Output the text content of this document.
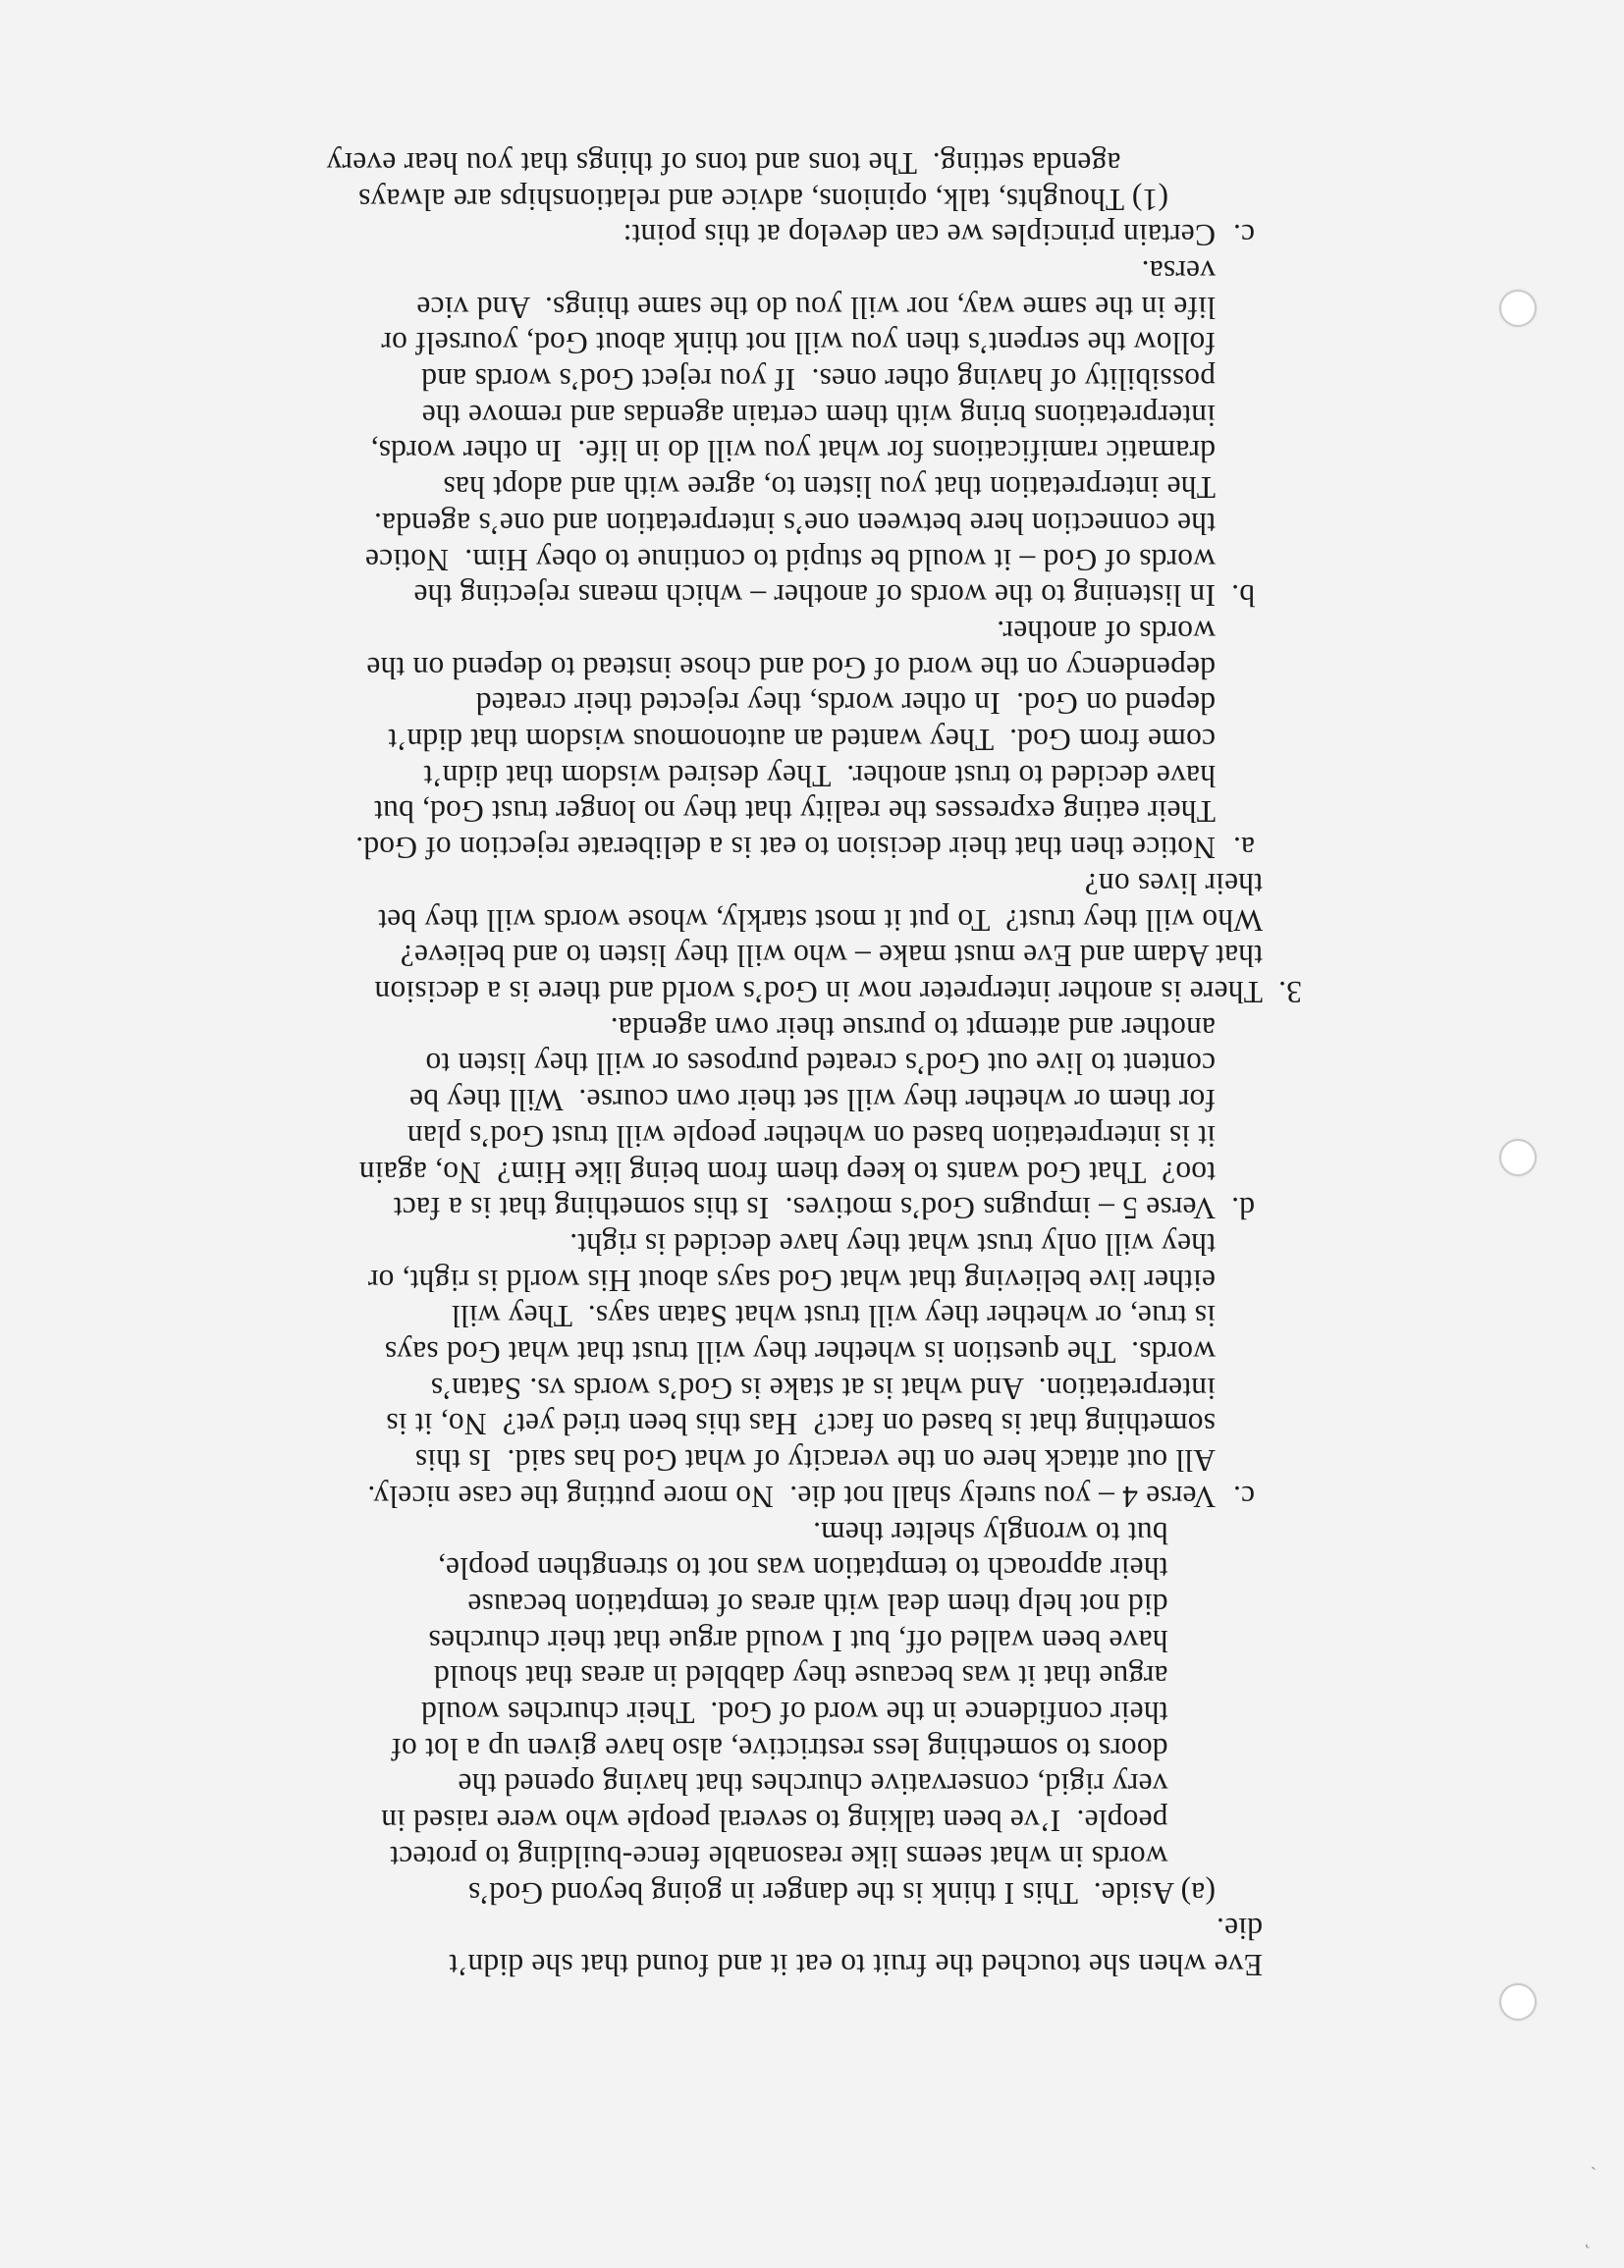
˛
ˏ
Eve when she touched the fruit to eat it and found that she didn’t
die.
(a) Aside.  This I think is the danger in going beyond God’s
words in what seems like reasonable fence-building to protect
people.  I’ve been talking to several people who were raised in
very rigid, conservative churches that having opened the
doors to something less restrictive, also have given up a lot of
their confidence in the word of God.  Their churches would
argue that it was because they dabbled in areas that should
have been walled off, but I would argue that their churches
did not help them deal with areas of temptation because
their approach to temptation was not to strengthen people,
but to wrongly shelter them.
c.
Verse 4 – you surely shall not die.  No more putting the case nicely.
All out attack here on the veracity of what God has said.  Is this
something that is based on fact?  Has this been tried yet?  No, it is
interpretation.  And what is at stake is God’s words vs. Satan’s
words.  The question is whether they will trust that what God says
is true, or whether they will trust what Satan says.  They will
either live believing that what God says about His world is right, or
they will only trust what they have decided is right.
d.
Verse 5 – impugns God’s motives.  Is this something that is a fact
too?  That God wants to keep them from being like Him?  No, again
it is interpretation based on whether people will trust God’s plan
for them or whether they will set their own course.  Will they be
content to live out God’s created purposes or will they listen to
another and attempt to pursue their own agenda.
3.
There is another interpreter now in God’s world and there is a decision
that Adam and Eve must make – who will they listen to and believe?
Who will they trust?  To put it most starkly, whose words will they bet
their lives on?
a.
Notice then that their decision to eat is a deliberate rejection of God.
Their eating expresses the reality that they no longer trust God, but
have decided to trust another.  They desired wisdom that didn’t
come from God.  They wanted an autonomous wisdom that didn’t
depend on God.  In other words, they rejected their created
dependency on the word of God and chose instead to depend on the
words of another.
b.
In listening to the words of another – which means rejecting the
words of God – it would be stupid to continue to obey Him.  Notice
the connection here between one’s interpretation and one’s agenda.
The interpretation that you listen to, agree with and adopt has
dramatic ramifications for what you will do in life.  In other words,
interpretations bring with them certain agendas and remove the
possibility of having other ones.  If you reject God’s words and
follow the serpent’s then you will not think about God, yourself or
life in the same way, nor will you do the same things.  And vice
versa.
c.
Certain principles we can develop at this point:
(1) Thoughts, talk, opinions, advice and relationships are always
agenda setting.  The tons and tons of things that you hear every
